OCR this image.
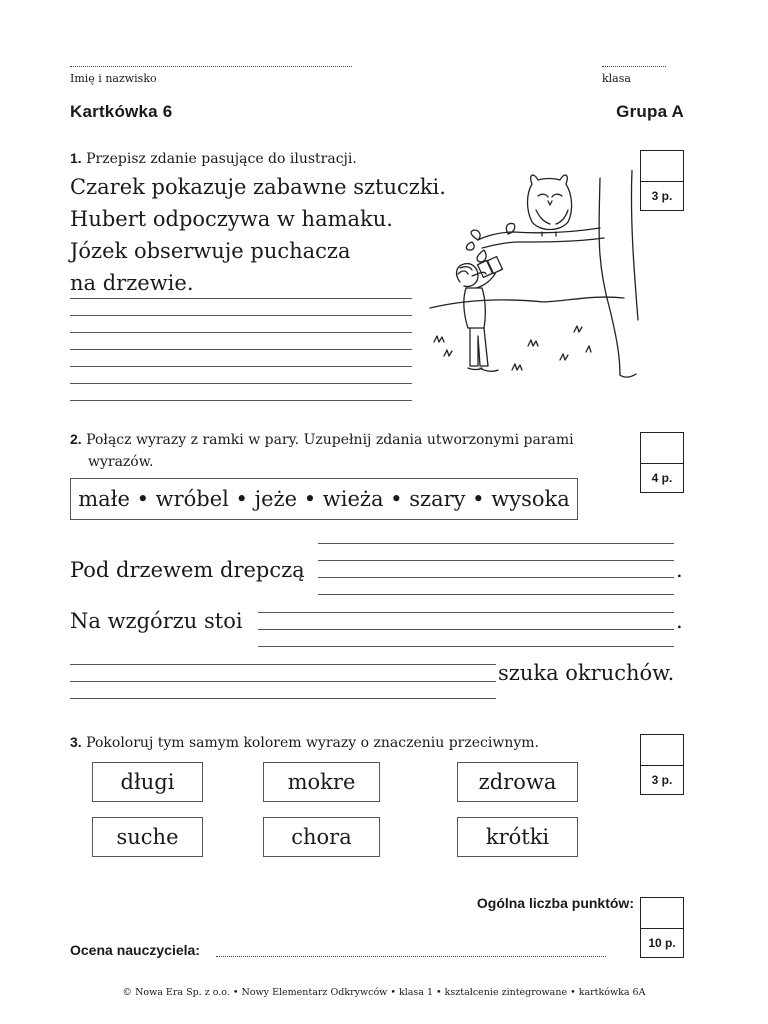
Imię i nazwisko	klasa
Kartkówka 6	Grupa A
1. Przepisz zdanie pasujące do ilustracji.
3 p.
Czarek pokazuje zabawne sztuczki.
Hubert odpoczywa w hamaku.
Józek obserwuje puchacza
na drzewie.
2. Połącz wyrazy z ramki w pary. Uzupełnij zdania utworzonymi parami
wyrazów.
4 p.
małe • wróbel • jeże • wieża • szary • wysoka
Pod drzewem drepczą	.
Na wzgórzu stoi	.
szuka okruchów.
3. Pokoloruj tym samym kolorem wyrazy o znaczeniu przeciwnym.
3 p.
długi	mokre	zdrowa
suche	chora	krótki
Ogólna liczba punktów:
10 p.
Ocena nauczyciela:
© Nowa Era Sp. z o.o. • Nowy Elementarz Odkrywców • klasa 1 • kształcenie zintegrowane • kartkówka 6A
